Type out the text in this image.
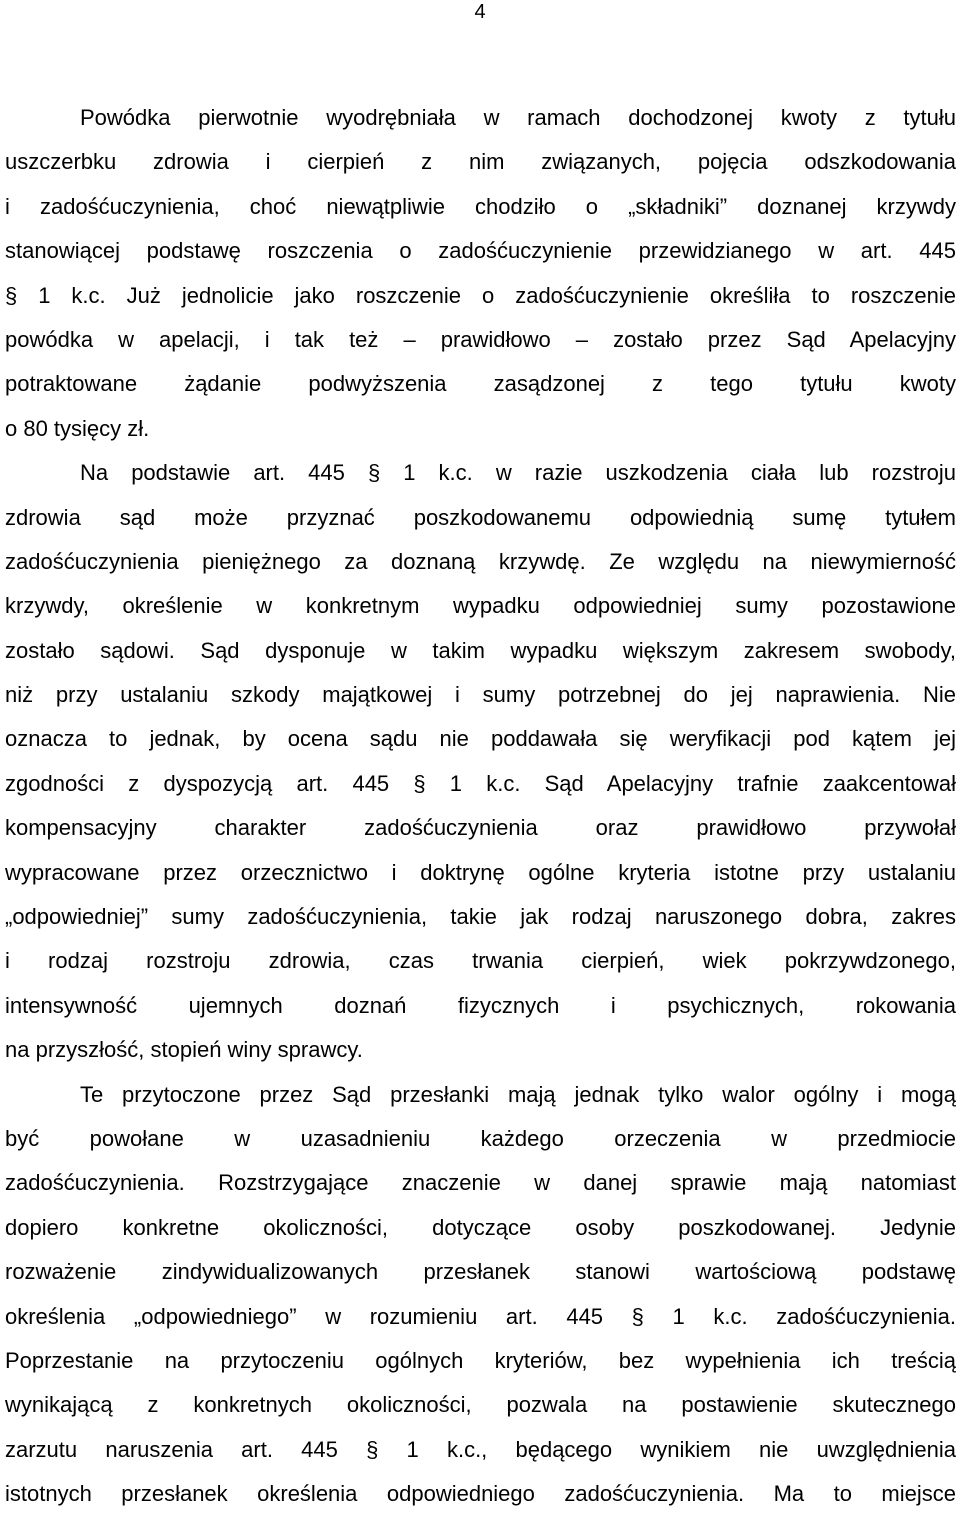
4
Powódka pierwotnie wyodrębniała w ramach dochodzonej kwoty z tytułu
uszczerbku zdrowia i cierpień z nim związanych, pojęcia odszkodowania
i zadośćuczynienia, choć niewątpliwie chodziło o „składniki” doznanej krzywdy
stanowiącej podstawę roszczenia o zadośćuczynienie przewidzianego w art. 445
§ 1 k.c. Już jednolicie jako roszczenie o zadośćuczynienie określiła to roszczenie
powódka w apelacji, i tak też – prawidłowo – zostało przez Sąd Apelacyjny
potraktowane żądanie podwyższenia zasądzonej z tego tytułu kwoty
o 80 tysięcy zł.
Na podstawie art. 445 § 1 k.c. w razie uszkodzenia ciała lub rozstroju
zdrowia sąd może przyznać poszkodowanemu odpowiednią sumę tytułem
zadośćuczynienia pieniężnego za doznaną krzywdę. Ze względu na niewymierność
krzywdy, określenie w konkretnym wypadku odpowiedniej sumy pozostawione
zostało sądowi. Sąd dysponuje w takim wypadku większym zakresem swobody,
niż przy ustalaniu szkody majątkowej i sumy potrzebnej do jej naprawienia. Nie
oznacza to jednak, by ocena sądu nie poddawała się weryfikacji pod kątem jej
zgodności z dyspozycją art. 445 § 1 k.c. Sąd Apelacyjny trafnie zaakcentował
kompensacyjny charakter zadośćuczynienia oraz prawidłowo przywołał
wypracowane przez orzecznictwo i doktrynę ogólne kryteria istotne przy ustalaniu
„odpowiedniej” sumy zadośćuczynienia, takie jak rodzaj naruszonego dobra, zakres
i rodzaj rozstroju zdrowia, czas trwania cierpień, wiek pokrzywdzonego,
intensywność ujemnych doznań fizycznych i psychicznych, rokowania
na przyszłość, stopień winy sprawcy.
Te przytoczone przez Sąd przesłanki mają jednak tylko walor ogólny i mogą
być powołane w uzasadnieniu każdego orzeczenia w przedmiocie
zadośćuczynienia. Rozstrzygające znaczenie w danej sprawie mają natomiast
dopiero konkretne okoliczności, dotyczące osoby poszkodowanej. Jedynie
rozważenie zindywidualizowanych przesłanek stanowi wartościową podstawę
określenia „odpowiedniego” w rozumieniu art. 445 § 1 k.c. zadośćuczynienia.
Poprzestanie na przytoczeniu ogólnych kryteriów, bez wypełnienia ich treścią
wynikającą z konkretnych okoliczności, pozwala na postawienie skutecznego
zarzutu naruszenia art. 445 § 1 k.c., będącego wynikiem nie uwzględnienia
istotnych przesłanek określenia odpowiedniego zadośćuczynienia. Ma to miejsce
